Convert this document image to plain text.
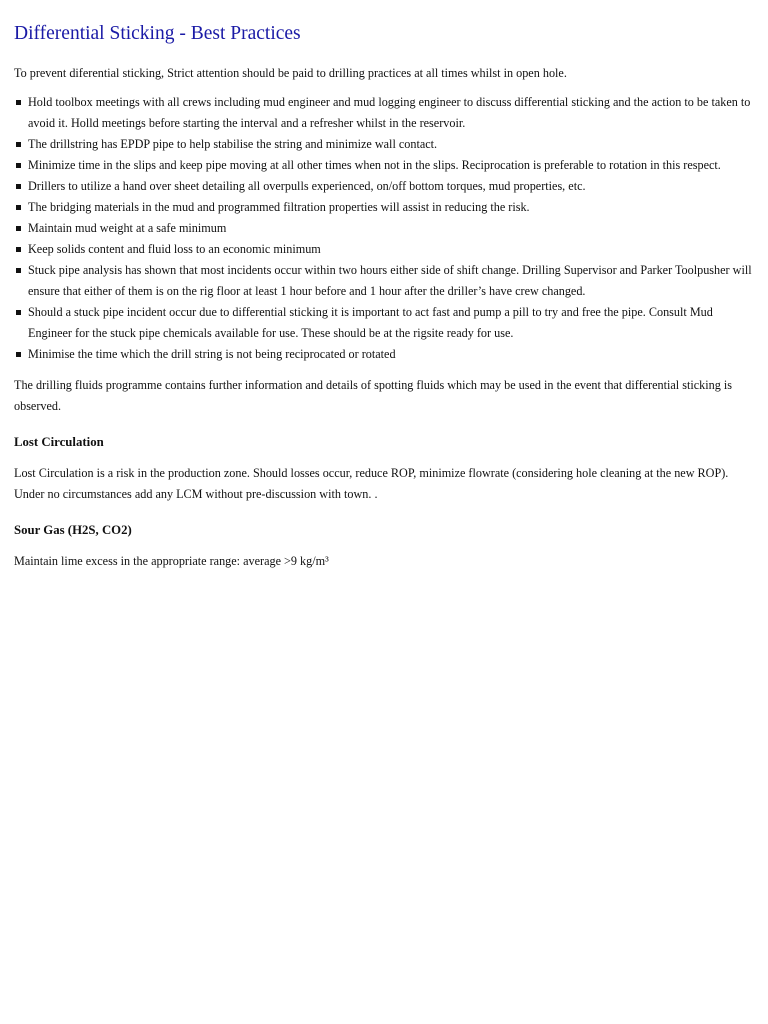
Differential Sticking - Best Practices

To prevent diferential sticking, Strict attention should be paid to drilling practices at all times whilst in open hole.

Hold toolbox meetings with all crews including mud engineer and mud logging engineer to discuss differential sticking and the action to be taken to avoid it. Holld meetings before starting the interval and a refresher whilst in the reservoir.
The drillstring has EPDP pipe to help stabilise the string and minimize wall contact.
Minimize time in the slips and keep pipe moving at all other times when not in the slips. Reciprocation is preferable to rotation in this respect.
Drillers to utilize a hand over sheet detailing all overpulls experienced, on/off bottom torques, mud properties, etc.
The bridging materials in the mud and programmed filtration properties will assist in reducing the risk.
Maintain mud weight at a safe minimum
Keep solids content and fluid loss to an economic minimum
Stuck pipe analysis has shown that most incidents occur within two hours either side of shift change. Drilling Supervisor and Parker Toolpusher will ensure that either of them is on the rig floor at least 1 hour before and 1 hour after the driller’s have crew changed.
Should a stuck pipe incident occur due to differential sticking it is important to act fast and pump a pill to try and free the pipe. Consult Mud Engineer for the stuck pipe chemicals available for use. These should be at the rigsite ready for use.
Minimise the time which the drill string is not being reciprocated or rotated

The drilling fluids programme contains further information and details of spotting fluids which may be used in the event that differential sticking is observed.

Lost Circulation

Lost Circulation is a risk in the production zone. Should losses occur, reduce ROP, minimize flowrate (considering hole cleaning at the new ROP). Under no circumstances add any LCM without pre-discussion with town. .

Sour Gas (H2S, CO2)

Maintain lime excess in the appropriate range: average >9 kg/m³
